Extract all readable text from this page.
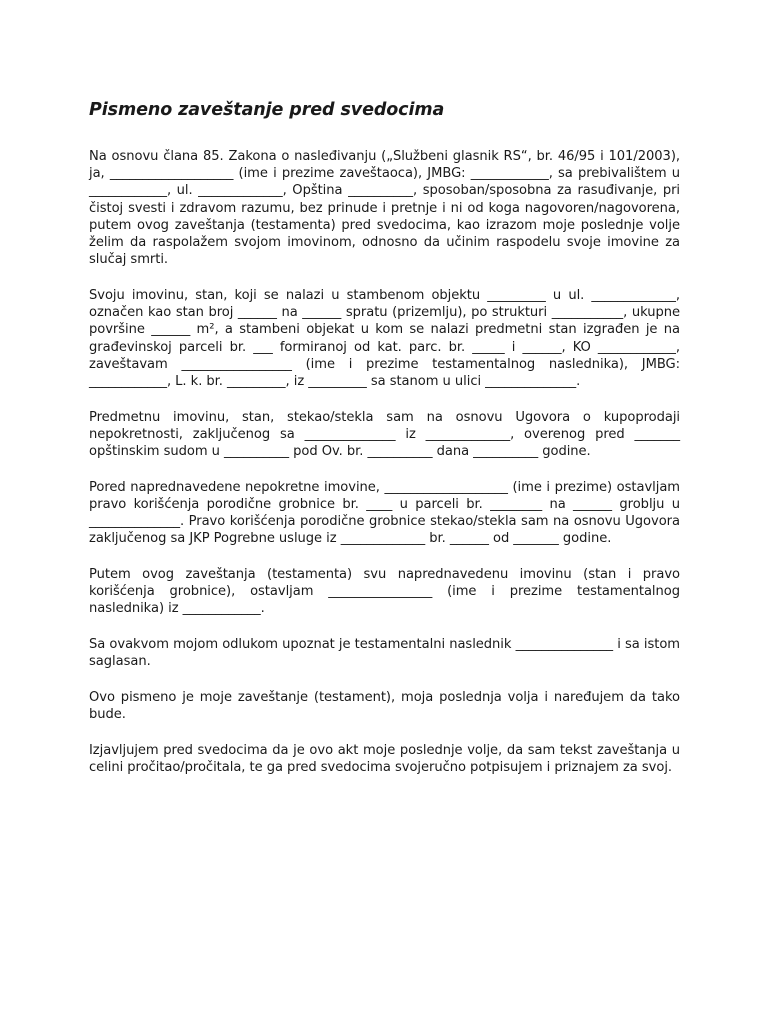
Pismeno zaveštanje pred svedocima

Na osnovu člana 85. Zakona o nasleđivanju („Službeni glasnik RS“, br. 46/95 i 101/2003), ja, ___________________ (ime i prezime zaveštaoca), JMBG: ____________, sa prebivalištem u ____________, ul. _____________, Opština __________, sposoban/sposobna za rasuđivanje, pri čistoj svesti i zdravom razumu, bez prinude i pretnje i ni od koga nagovoren/nagovorena, putem ovog zaveštanja (testamenta) pred svedocima, kao izrazom moje poslednje volje želim da raspolažem svojom imovinom, odnosno da učinim raspodelu svoje imovine za slučaj smrti.

Svoju imovinu, stan, koji se nalazi u stambenom objektu _________ u ul. _____________, označen kao stan broj ______ na ______ spratu (prizemlju), po strukturi ___________, ukupne površine ______ m², a stambeni objekat u kom se nalazi predmetni stan izgrađen je na građevinskoj parceli br. ___ formiranoj od kat. parc. br. _____ i ______, KO ____________, zaveštavam _________________ (ime i prezime testamentalnog naslednika), JMBG: ____________, L. k. br. _________, iz _________ sa stanom u ulici ______________.

Predmetnu imovinu, stan, stekao/stekla sam na osnovu Ugovora o kupoprodaji nepokretnosti, zaključenog sa ______________ iz _____________, overenog pred _______ opštinskim sudom u __________ pod Ov. br. __________ dana __________ godine.

Pored naprednavedene nepokretne imovine, ___________________ (ime i prezime) ostavljam pravo korišćenja porodične grobnice br. ____ u parceli br. ________ na ______ groblju u ______________. Pravo korišćenja porodične grobnice stekao/stekla sam na osnovu Ugovora zaključenog sa JKP Pogrebne usluge iz _____________ br. ______ od _______ godine.

Putem ovog zaveštanja (testamenta) svu naprednavedenu imovinu (stan i pravo korišćenja grobnice), ostavljam ________________ (ime i prezime testamentalnog naslednika) iz ____________.

Sa ovakvom mojom odlukom upoznat je testamentalni naslednik _______________ i sa istom saglasan.

Ovo pismeno je moje zaveštanje (testament), moja poslednja volja i naređujem da tako bude.

Izjavljujem pred svedocima da je ovo akt moje poslednje volje, da sam tekst zaveštanja u celini pročitao/pročitala, te ga pred svedocima svojeručno potpisujem i priznajem za svoj.
